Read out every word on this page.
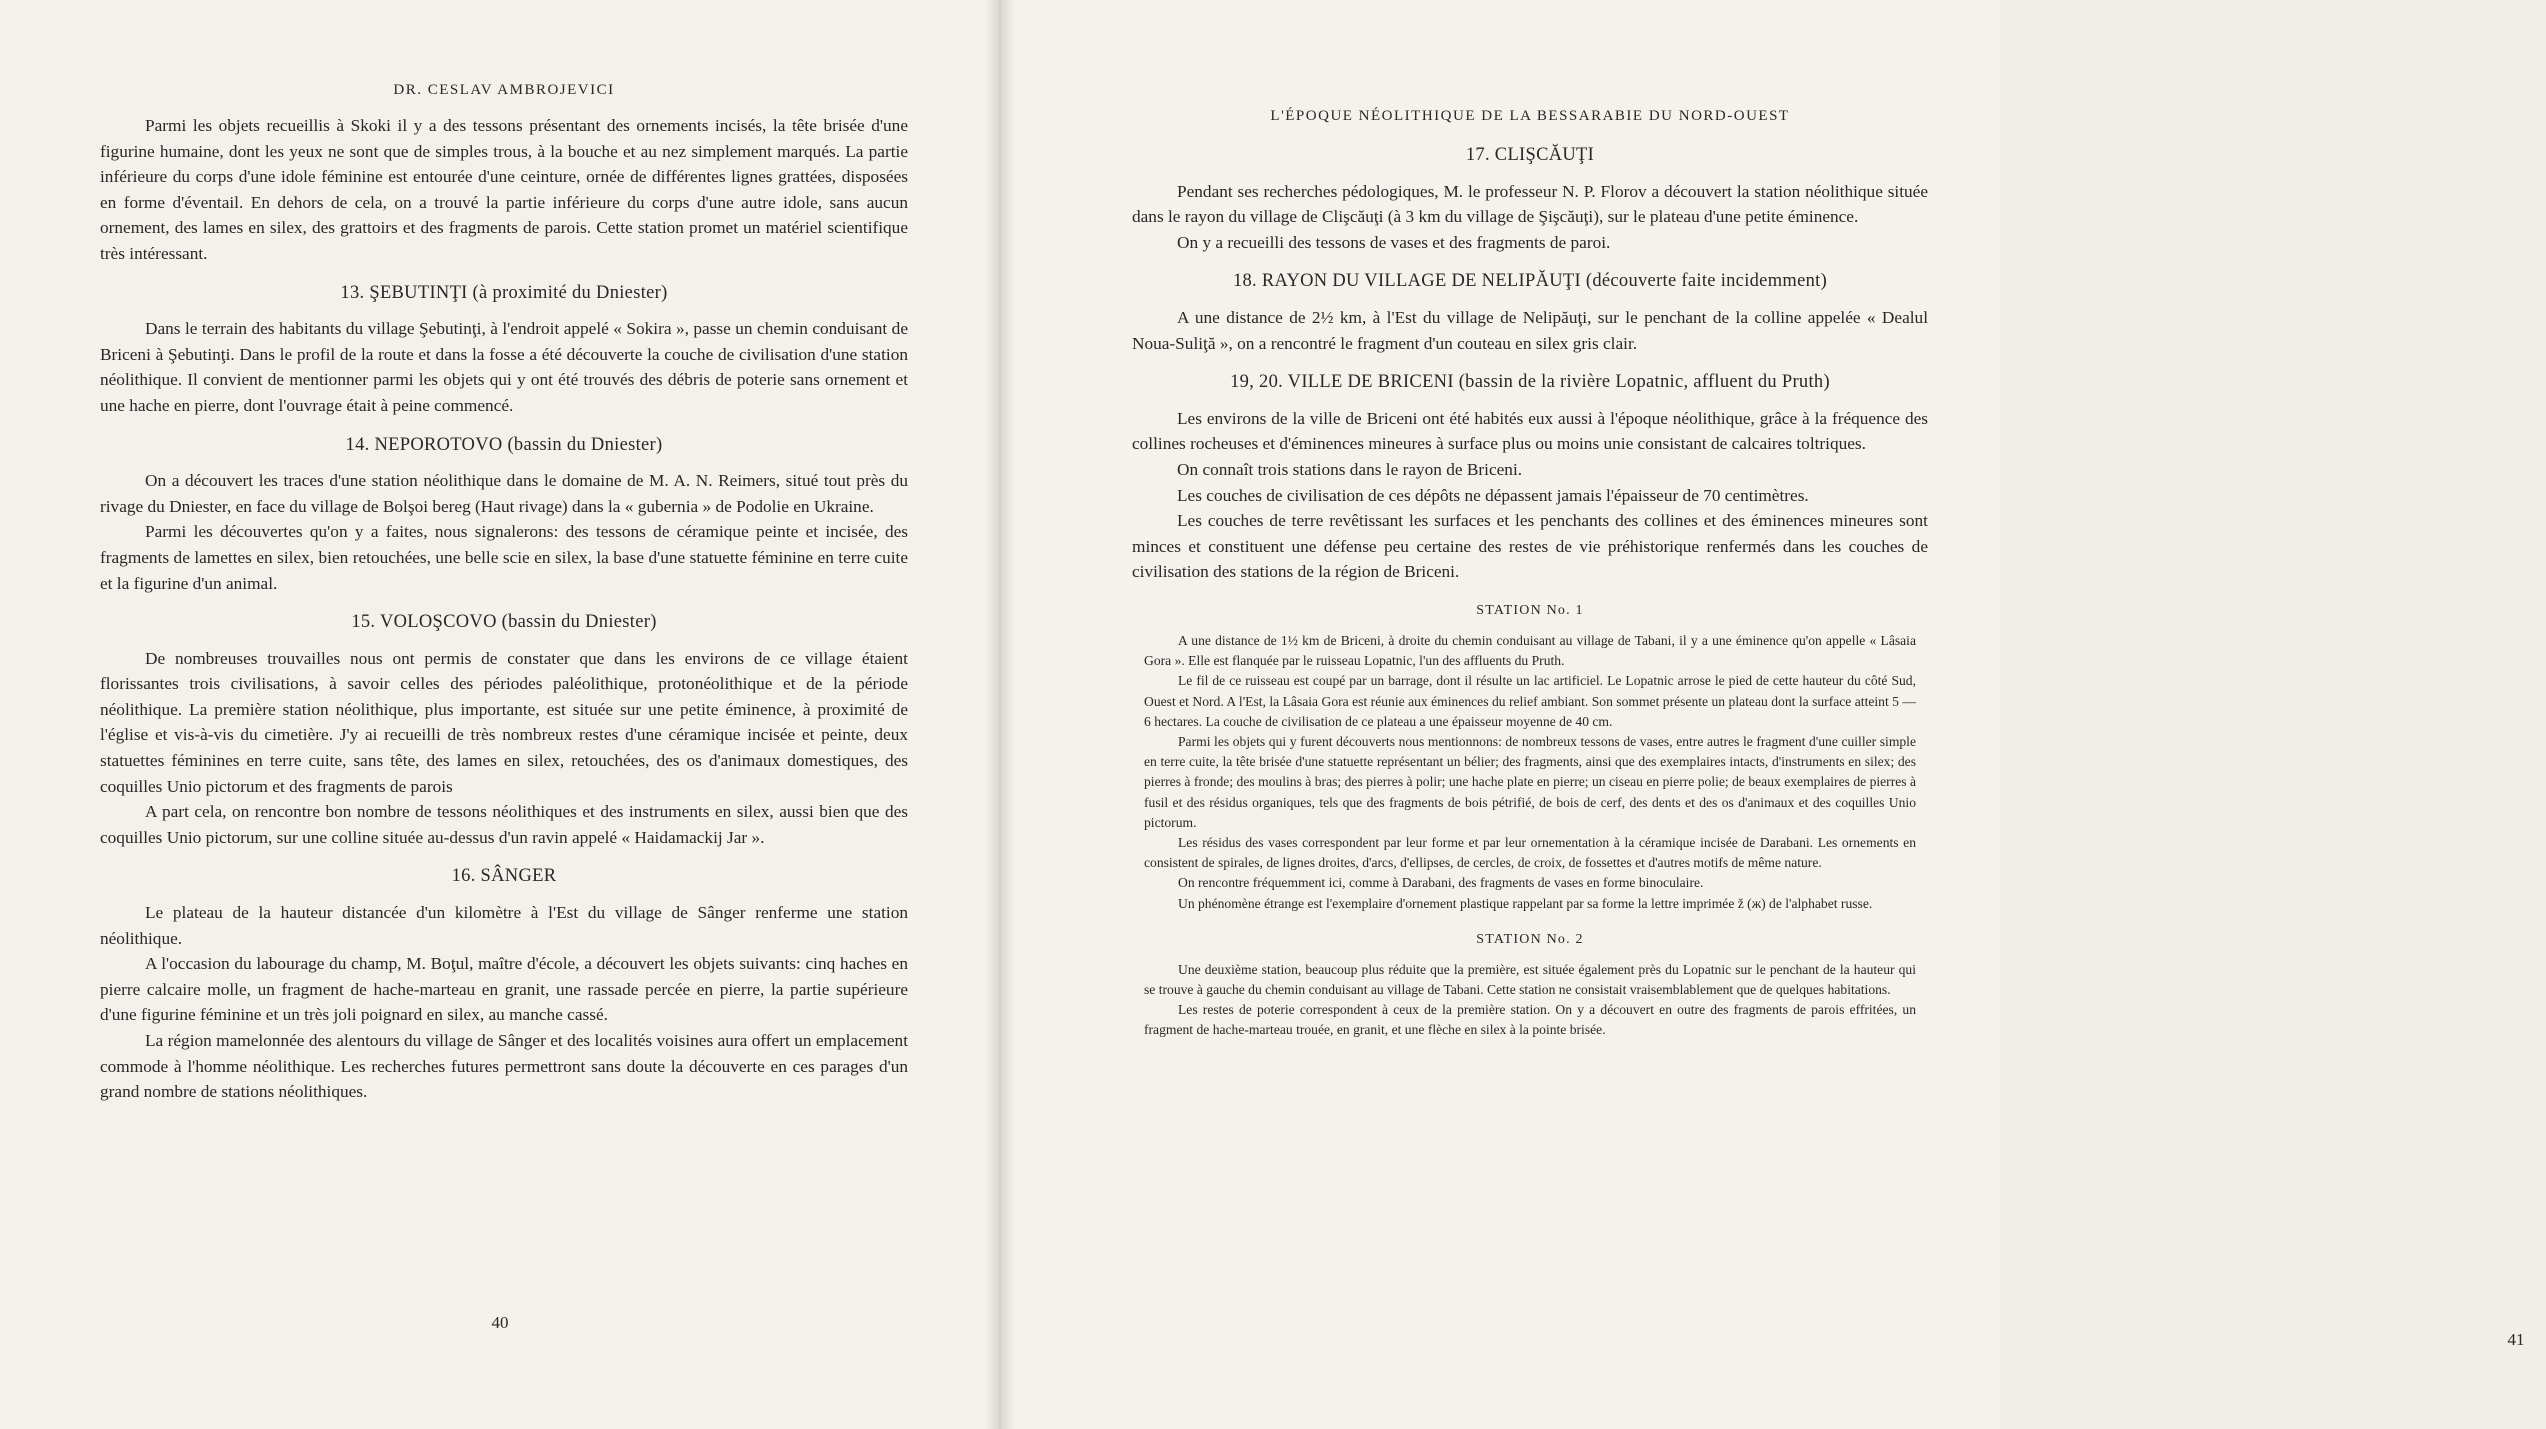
DR. CESLAV AMBROJEVICI

Parmi les objets recueillis à Skoki il y a des tessons présentant des ornements incisés, la tête brisée d'une figurine humaine, dont les yeux ne sont que de simples trous, à la bouche et au nez simplement marqués. La partie inférieure du corps d'une idole féminine est entourée d'une ceinture, ornée de différentes lignes grattées, disposées en forme d'éventail. En dehors de cela, on a trouvé la partie inférieure du corps d'une autre idole, sans aucun ornement, des lames en silex, des grattoirs et des fragments de parois. Cette station promet un matériel scientifique très intéressant.

13. ŞEBUTINŢI (à proximité du Dniester)

Dans le terrain des habitants du village Şebutinţi, à l'endroit appelé « Sokira », passe un chemin conduisant de Briceni à Şebutinţi. Dans le profil de la route et dans la fosse a été découverte la couche de civilisation d'une station néolithique. Il convient de mentionner parmi les objets qui y ont été trouvés des débris de poterie sans ornement et une hache en pierre, dont l'ouvrage était à peine commencé.

14. NEPOROTOVO (bassin du Dniester)

On a découvert les traces d'une station néolithique dans le domaine de M. A. N. Reimers, situé tout près du rivage du Dniester, en face du village de Bolşoi bereg (Haut rivage) dans la « gubernia » de Podolie en Ukraine.

Parmi les découvertes qu'on y a faites, nous signalerons: des tessons de céramique peinte et incisée, des fragments de lamettes en silex, bien retouchées, une belle scie en silex, la base d'une statuette féminine en terre cuite et la figurine d'un animal.

15. VOLOŞCOVO (bassin du Dniester)

De nombreuses trouvailles nous ont permis de constater que dans les environs de ce village étaient florissantes trois civilisations, à savoir celles des périodes paléolithique, protonéolithique et de la période néolithique. La première station néolithique, plus importante, est située sur une petite éminence, à proximité de l'église et vis-à-vis du cimetière. J'y ai recueilli de très nombreux restes d'une céramique incisée et peinte, deux statuettes féminines en terre cuite, sans tête, des lames en silex, retouchées, des os d'animaux domestiques, des coquilles Unio pictorum et des fragments de parois

A part cela, on rencontre bon nombre de tessons néolithiques et des instruments en silex, aussi bien que des coquilles Unio pictorum, sur une colline située au-dessus d'un ravin appelé « Haidamackij Jar ».

16. SÂNGER

Le plateau de la hauteur distancée d'un kilomètre à l'Est du village de Sânger renferme une station néolithique.

A l'occasion du labourage du champ, M. Boţul, maître d'école, a découvert les objets suivants: cinq haches en pierre calcaire molle, un fragment de hache-marteau en granit, une rassade percée en pierre, la partie supérieure d'une figurine féminine et un très joli poignard en silex, au manche cassé.

La région mamelonnée des alentours du village de Sânger et des localités voisines aura offert un emplacement commode à l'homme néolithique. Les recherches futures permettront sans doute la découverte en ces parages d'un grand nombre de stations néolithiques.

40
L'ÉPOQUE NÉOLITHIQUE DE LA BESSARABIE DU NORD-OUEST
17. CLIŞCĂUŢI

Pendant ses recherches pédologiques, M. le professeur N. P. Florov a découvert la station néolithique située dans le rayon du village de Clişcăuţi (à 3 km du village de Şişcăuţi), sur le plateau d'une petite éminence.

On y a recueilli des tessons de vases et des fragments de paroi.

18. RAYON DU VILLAGE DE NELIPĂUŢI (découverte faite incidemment)

A une distance de 2½ km, à l'Est du village de Nelipăuţi, sur le penchant de la colline appelée « Dealul Noua-Suliţă », on a rencontré le fragment d'un couteau en silex gris clair.

19, 20. VILLE DE BRICENI (bassin de la rivière Lopatnic, affluent du Pruth)

Les environs de la ville de Briceni ont été habités eux aussi à l'époque néolithique, grâce à la fréquence des collines rocheuses et d'éminences mineures à surface plus ou moins unie consistant de calcaires toltriques.

On connaît trois stations dans le rayon de Briceni.

Les couches de civilisation de ces dépôts ne dépassent jamais l'épaisseur de 70 centimètres.

Les couches de terre revêtissant les surfaces et les penchants des collines et des éminences mineures sont minces et constituent une défense peu certaine des restes de vie préhistorique renfermés dans les couches de civilisation des stations de la région de Briceni.

STATION No. 1

A une distance de 1½ km de Briceni, à droite du chemin conduisant au village de Tabani, il y a une éminence qu'on appelle « Lâsaia Gora ». Elle est flanquée par le ruisseau Lopatnic, l'un des affluents du Pruth.

Le fil de ce ruisseau est coupé par un barrage, dont il résulte un lac artificiel. Le Lopatnic arrose le pied de cette hauteur du côté Sud, Ouest et Nord. A l'Est, la Lâsaia Gora est réunie aux éminences du relief ambiant. Son sommet présente un plateau dont la surface atteint 5 — 6 hectares. La couche de civilisation de ce plateau a une épaisseur moyenne de 40 cm.

Parmi les objets qui y furent découverts nous mentionnons: de nombreux tessons de vases, entre autres le fragment d'une cuiller simple en terre cuite, la tête brisée d'une statuette représentant un bélier; des fragments, ainsi que des exemplaires intacts, d'instruments en silex; des pierres à fronde; des moulins à bras; des pierres à polir; une hache plate en pierre; un ciseau en pierre polie; de beaux exemplaires de pierres à fusil et des résidus organiques, tels que des fragments de bois pétrifié, de bois de cerf, des dents et des os d'animaux et des coquilles Unio pictorum.

Les résidus des vases correspondent par leur forme et par leur ornementation à la céramique incisée de Darabani. Les ornements en consistent de spirales, de lignes droites, d'arcs, d'ellipses, de cercles, de croix, de fossettes et d'autres motifs de même nature.

On rencontre fréquemment ici, comme à Darabani, des fragments de vases en forme binoculaire.

Un phénomène étrange est l'exemplaire d'ornement plastique rappelant par sa forme la lettre imprimée ž (ж) de l'alphabet russe.

STATION No. 2

Une deuxième station, beaucoup plus réduite que la première, est située également près du Lopatnic sur le penchant de la hauteur qui se trouve à gauche du chemin conduisant au village de Tabani. Cette station ne consistait vraisemblablement que de quelques habitations.

Les restes de poterie correspondent à ceux de la première station. On y a découvert en outre des fragments de parois effritées, un fragment de hache-marteau trouée, en granit, et une flèche en silex à la pointe brisée.

41
